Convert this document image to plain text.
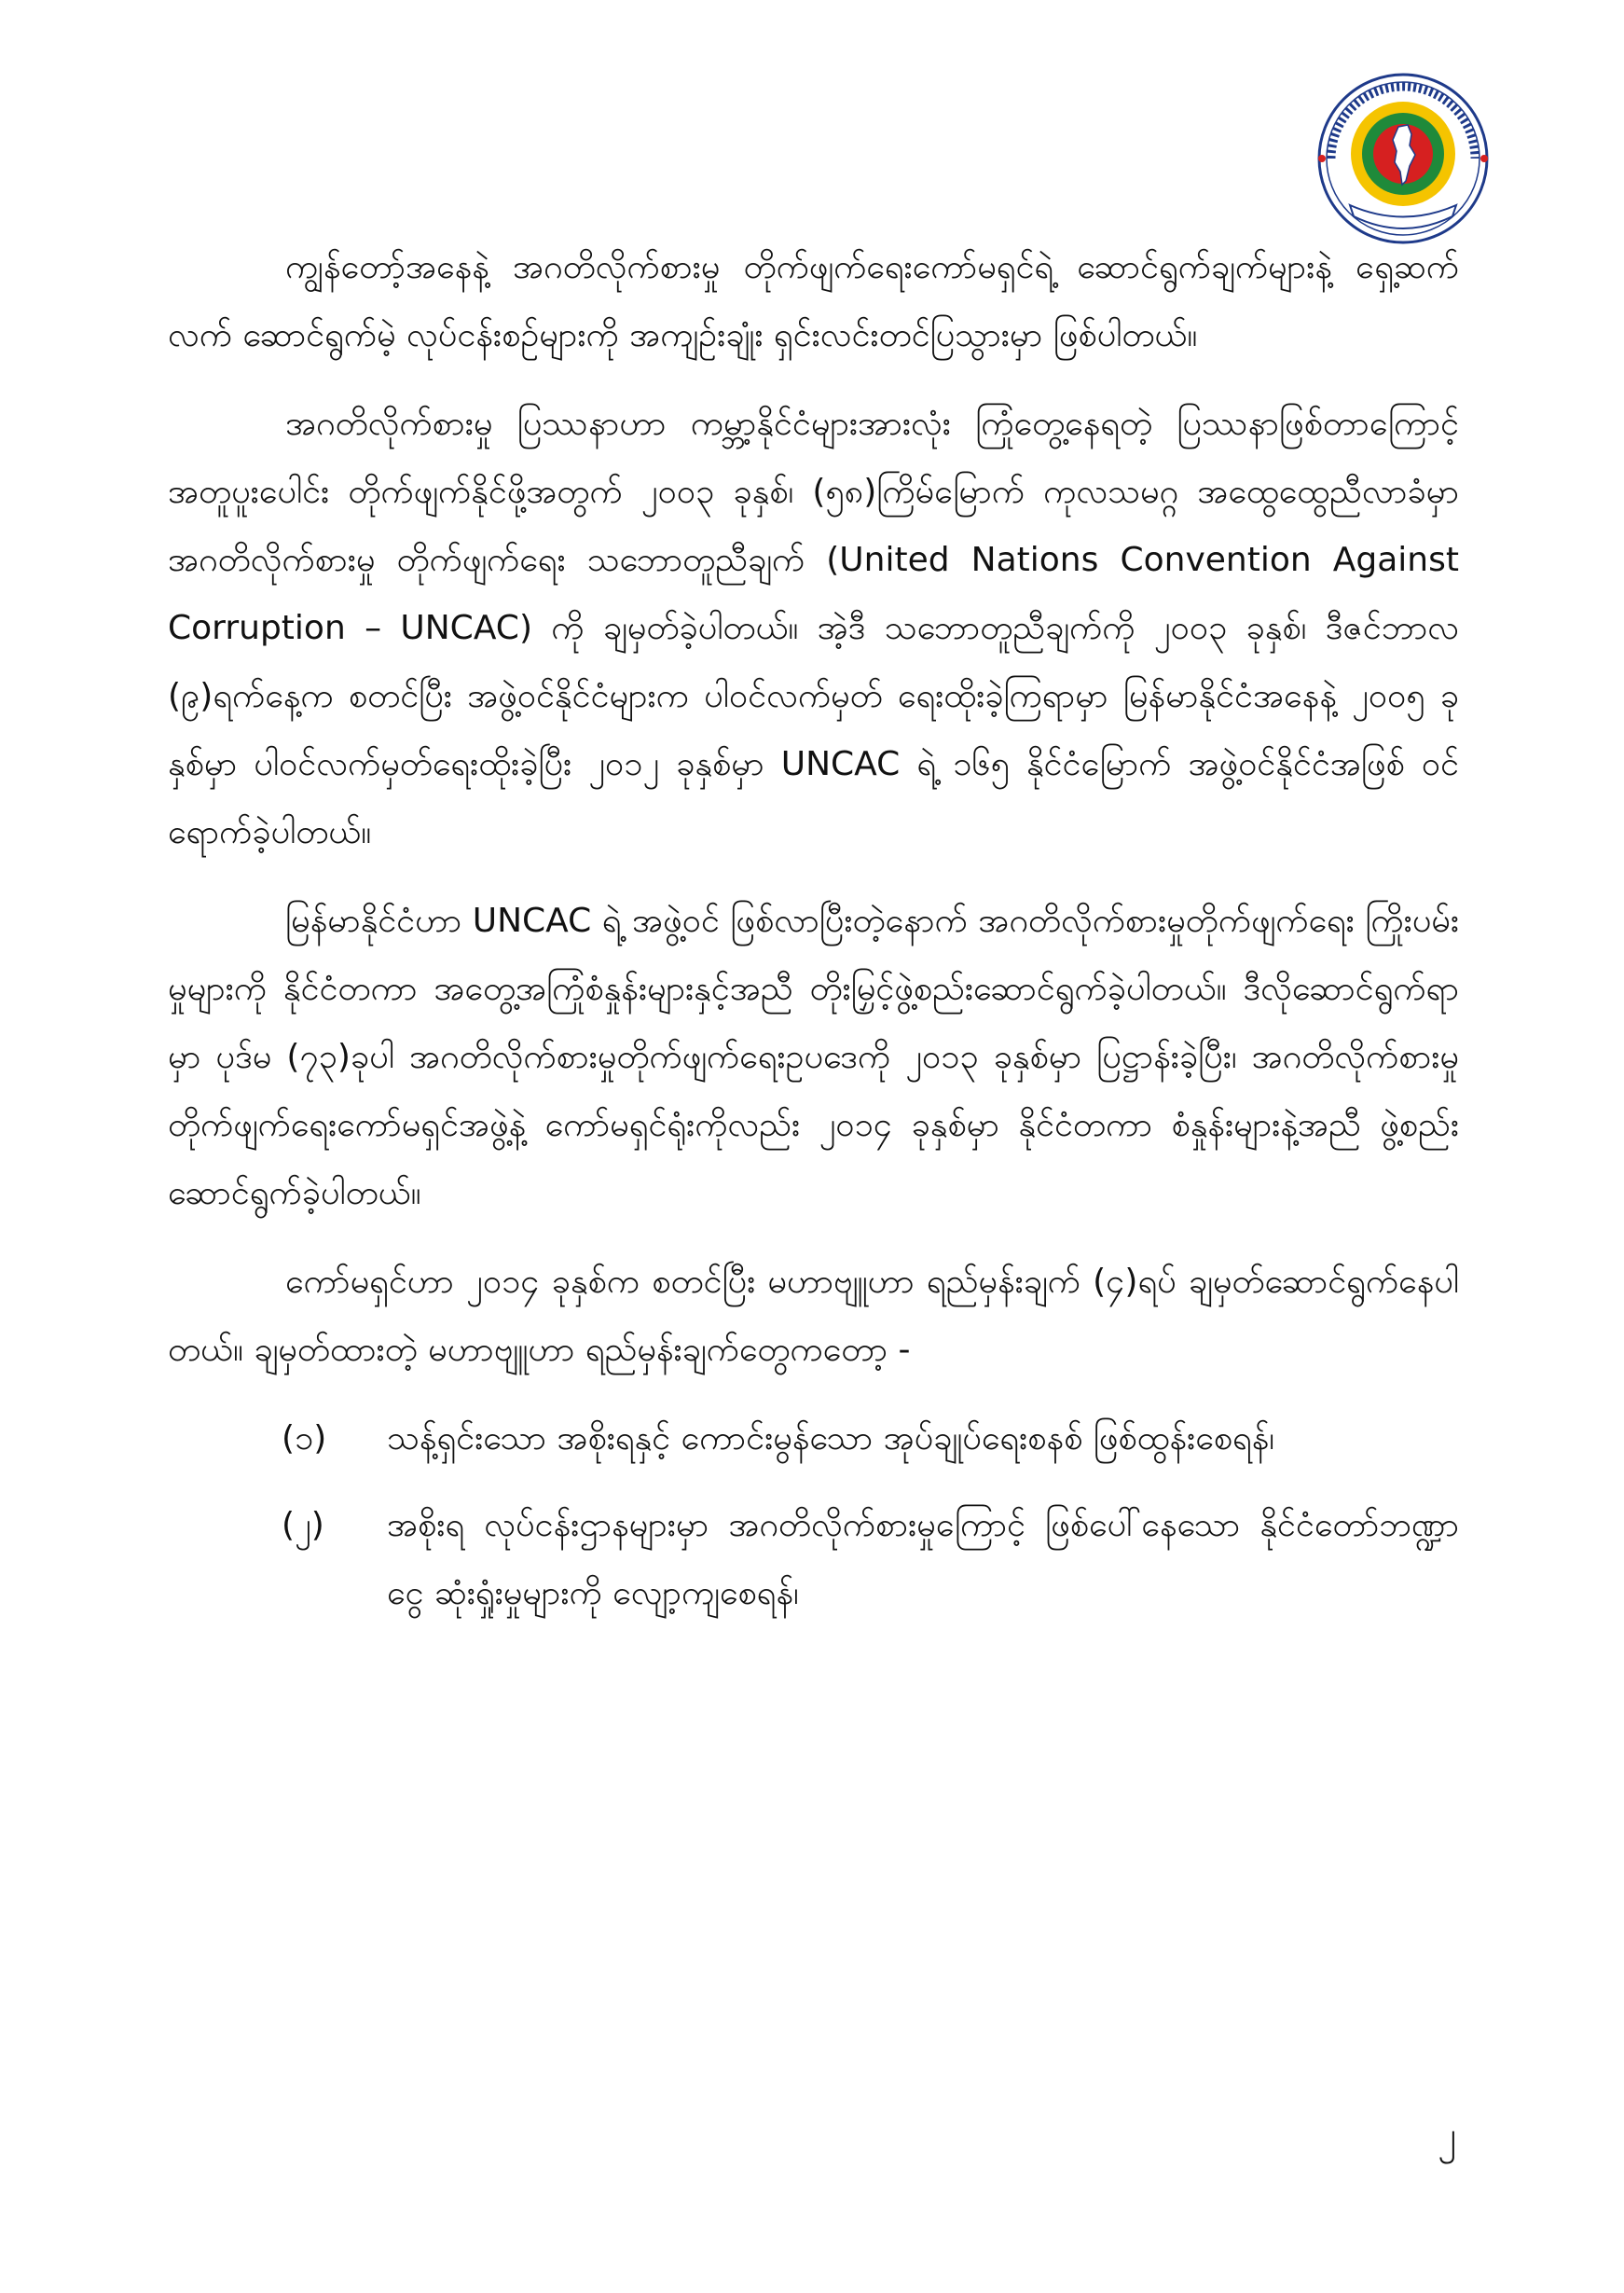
ကျွန်တော့်အနေနဲ့ အဂတိလိုက်စားမှု တိုက်ဖျက်ရေးကော်မရှင်ရဲ့ ဆောင်ရွက်ချက်များနဲ့ ရှေ့ဆက်လက် ဆောင်ရွက်မဲ့ လုပ်ငန်းစဉ်များကို အကျဉ်းချုံး ရှင်းလင်းတင်ပြသွားမှာ ဖြစ်ပါတယ်။

အဂတိလိုက်စားမှု ပြဿနာဟာ ကမ္ဘာ့နိုင်ငံများအားလုံး ကြုံတွေ့နေရတဲ့ ပြဿနာဖြစ်တာကြောင့် အတူပူးပေါင်း တိုက်ဖျက်နိုင်ဖို့အတွက် ၂၀၀၃ ခုနှစ်၊ (၅၈)ကြိမ်မြောက် ကုလသမဂ္ဂ အထွေထွေညီလာခံမှာ အဂတိလိုက်စားမှု တိုက်ဖျက်ရေး သဘောတူညီချက် (United Nations Convention Against Corruption – UNCAC) ကို ချမှတ်ခဲ့ပါတယ်။ အဲ့ဒီ သဘောတူညီချက်ကို ၂၀၀၃ ခုနှစ်၊ ဒီဇင်ဘာလ (၉)ရက်နေ့က စတင်ပြီး အဖွဲ့ဝင်နိုင်ငံများက ပါဝင်လက်မှတ် ရေးထိုးခဲ့ကြရာမှာ မြန်မာနိုင်ငံအနေနဲ့ ၂၀၀၅ ခုနှစ်မှာ ပါဝင်လက်မှတ်ရေးထိုးခဲ့ပြီး ၂၀၁၂ ခုနှစ်မှာ UNCAC ရဲ့ ၁၆၅ နိုင်ငံမြောက် အဖွဲ့ဝင်နိုင်ငံအဖြစ် ဝင်ရောက်ခဲ့ပါတယ်။

မြန်မာနိုင်ငံဟာ UNCAC ရဲ့ အဖွဲ့ဝင် ဖြစ်လာပြီးတဲ့နောက် အဂတိလိုက်စားမှုတိုက်ဖျက်ရေး ကြိုးပမ်းမှုများကို နိုင်ငံတကာ အတွေ့အကြုံစံနှုန်းများနှင့်အညီ တိုးမြှင့်ဖွဲ့စည်းဆောင်ရွက်ခဲ့ပါတယ်။ ဒီလိုဆောင်ရွက်ရာမှာ ပုဒ်မ (၇၃)ခုပါ အဂတိလိုက်စားမှုတိုက်ဖျက်ရေးဥပဒေကို ၂၀၁၃ ခုနှစ်မှာ ပြဋ္ဌာန်းခဲ့ပြီး၊ အဂတိလိုက်စားမှု တိုက်ဖျက်ရေးကော်မရှင်အဖွဲ့နဲ့ ကော်မရှင်ရုံးကိုလည်း ၂၀၁၄ ခုနှစ်မှာ နိုင်ငံတကာ စံနှုန်းများနဲ့အညီ ဖွဲ့စည်းဆောင်ရွက်ခဲ့ပါတယ်။

ကော်မရှင်ဟာ ၂၀၁၄ ခုနှစ်က စတင်ပြီး မဟာဗျူဟာ ရည်မှန်းချက် (၄)ရပ် ချမှတ်ဆောင်ရွက်နေပါတယ်။ ချမှတ်ထားတဲ့ မဟာဗျူဟာ ရည်မှန်းချက်တွေကတော့ -

(၁)	သန့်ရှင်းသော အစိုးရနှင့် ကောင်းမွန်သော အုပ်ချုပ်ရေးစနစ် ဖြစ်ထွန်းစေရန်၊
(၂)	အစိုးရ လုပ်ငန်းဌာနများမှာ အဂတိလိုက်စားမှုကြောင့် ဖြစ်ပေါ်နေသော နိုင်ငံတော်ဘဏ္ဍာငွေ ဆုံးရှုံးမှုများကို လျော့ကျစေရန်၊
၂
